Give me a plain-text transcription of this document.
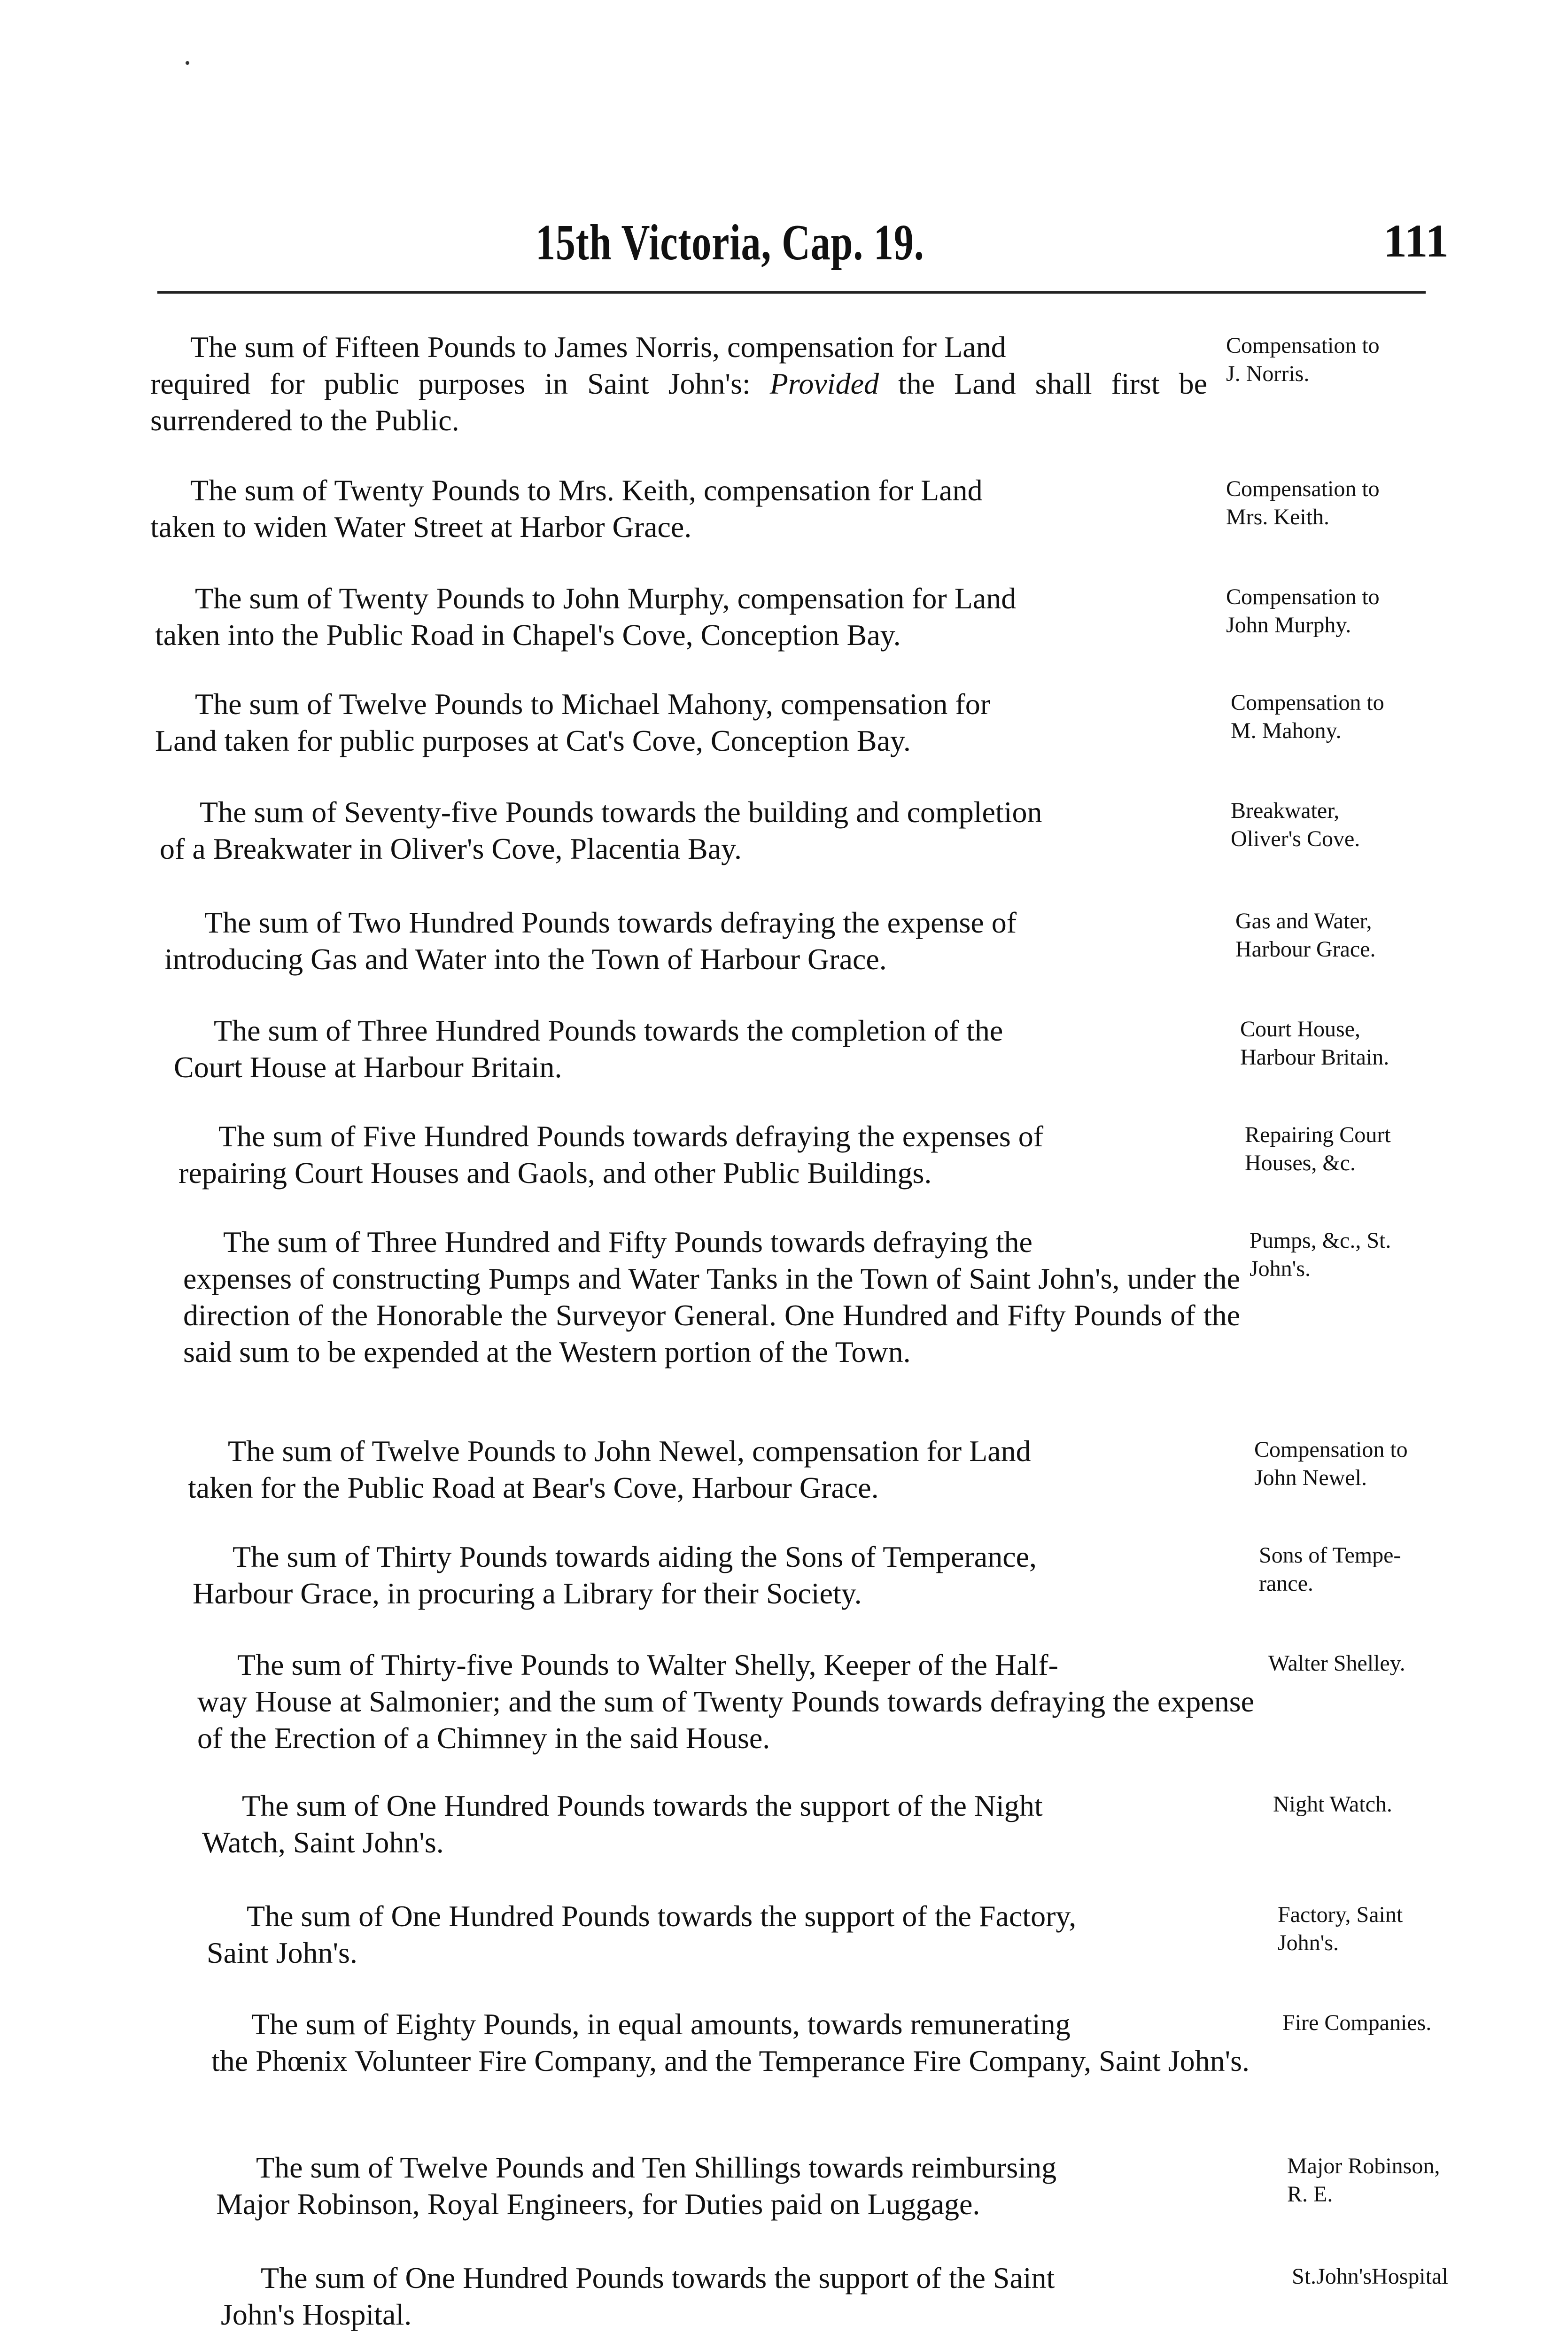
15th Victoria, Cap. 19.	111
The sum of Fifteen Pounds to James Norris, compensation for Land
required for public purposes in Saint John's: Provided the Land shall first be surrendered to the Public.
Compensation to
J. Norris.
The sum of Twenty Pounds to Mrs. Keith, compensation for Land
taken to widen Water Street at Harbor Grace.
Compensation to
Mrs. Keith.
The sum of Twenty Pounds to John Murphy, compensation for Land
taken into the Public Road in Chapel's Cove, Conception Bay.
Compensation to
John Murphy.
The sum of Twelve Pounds to Michael Mahony, compensation for
Land taken for public purposes at Cat's Cove, Conception Bay.
Compensation to
M. Mahony.
The sum of Seventy-five Pounds towards the building and completion
of a Breakwater in Oliver's Cove, Placentia Bay.
Breakwater,
Oliver's Cove.
The sum of Two Hundred Pounds towards defraying the expense of
introducing Gas and Water into the Town of Harbour Grace.
Gas and Water,
Harbour Grace.
The sum of Three Hundred Pounds towards the completion of the
Court House at Harbour Britain.
Court House,
Harbour Britain.
The sum of Five Hundred Pounds towards defraying the expenses of
repairing Court Houses and Gaols, and other Public Buildings.
Repairing Court
Houses, &c.
The sum of Three Hundred and Fifty Pounds towards defraying the
expenses of constructing Pumps and Water Tanks in the Town of Saint John's, under the direction of the Honorable the Surveyor General. One Hundred and Fifty Pounds of the said sum to be expended at the Western portion of the Town.
Pumps, &c., St.
John's.
The sum of Twelve Pounds to John Newel, compensation for Land
taken for the Public Road at Bear's Cove, Harbour Grace.
Compensation to
John Newel.
The sum of Thirty Pounds towards aiding the Sons of Temperance,
Harbour Grace, in procuring a Library for their Society.
Sons of Tempe-
rance.
The sum of Thirty-five Pounds to Walter Shelly, Keeper of the Half-
way House at Salmonier; and the sum of Twenty Pounds towards defraying the expense of the Erection of a Chimney in the said House.
Walter Shelley.
The sum of One Hundred Pounds towards the support of the Night
Watch, Saint John's.
Night Watch.
The sum of One Hundred Pounds towards the support of the Factory,
Saint John's.
Factory, Saint
John's.
The sum of Eighty Pounds, in equal amounts, towards remunerating
the Phœnix Volunteer Fire Company, and the Temperance Fire Company, Saint John's.
Fire Companies.
The sum of Twelve Pounds and Ten Shillings towards reimbursing
Major Robinson, Royal Engineers, for Duties paid on Luggage.
Major Robinson,
R. E.
The sum of One Hundred Pounds towards the support of the Saint
John's Hospital.
St.John'sHospital
